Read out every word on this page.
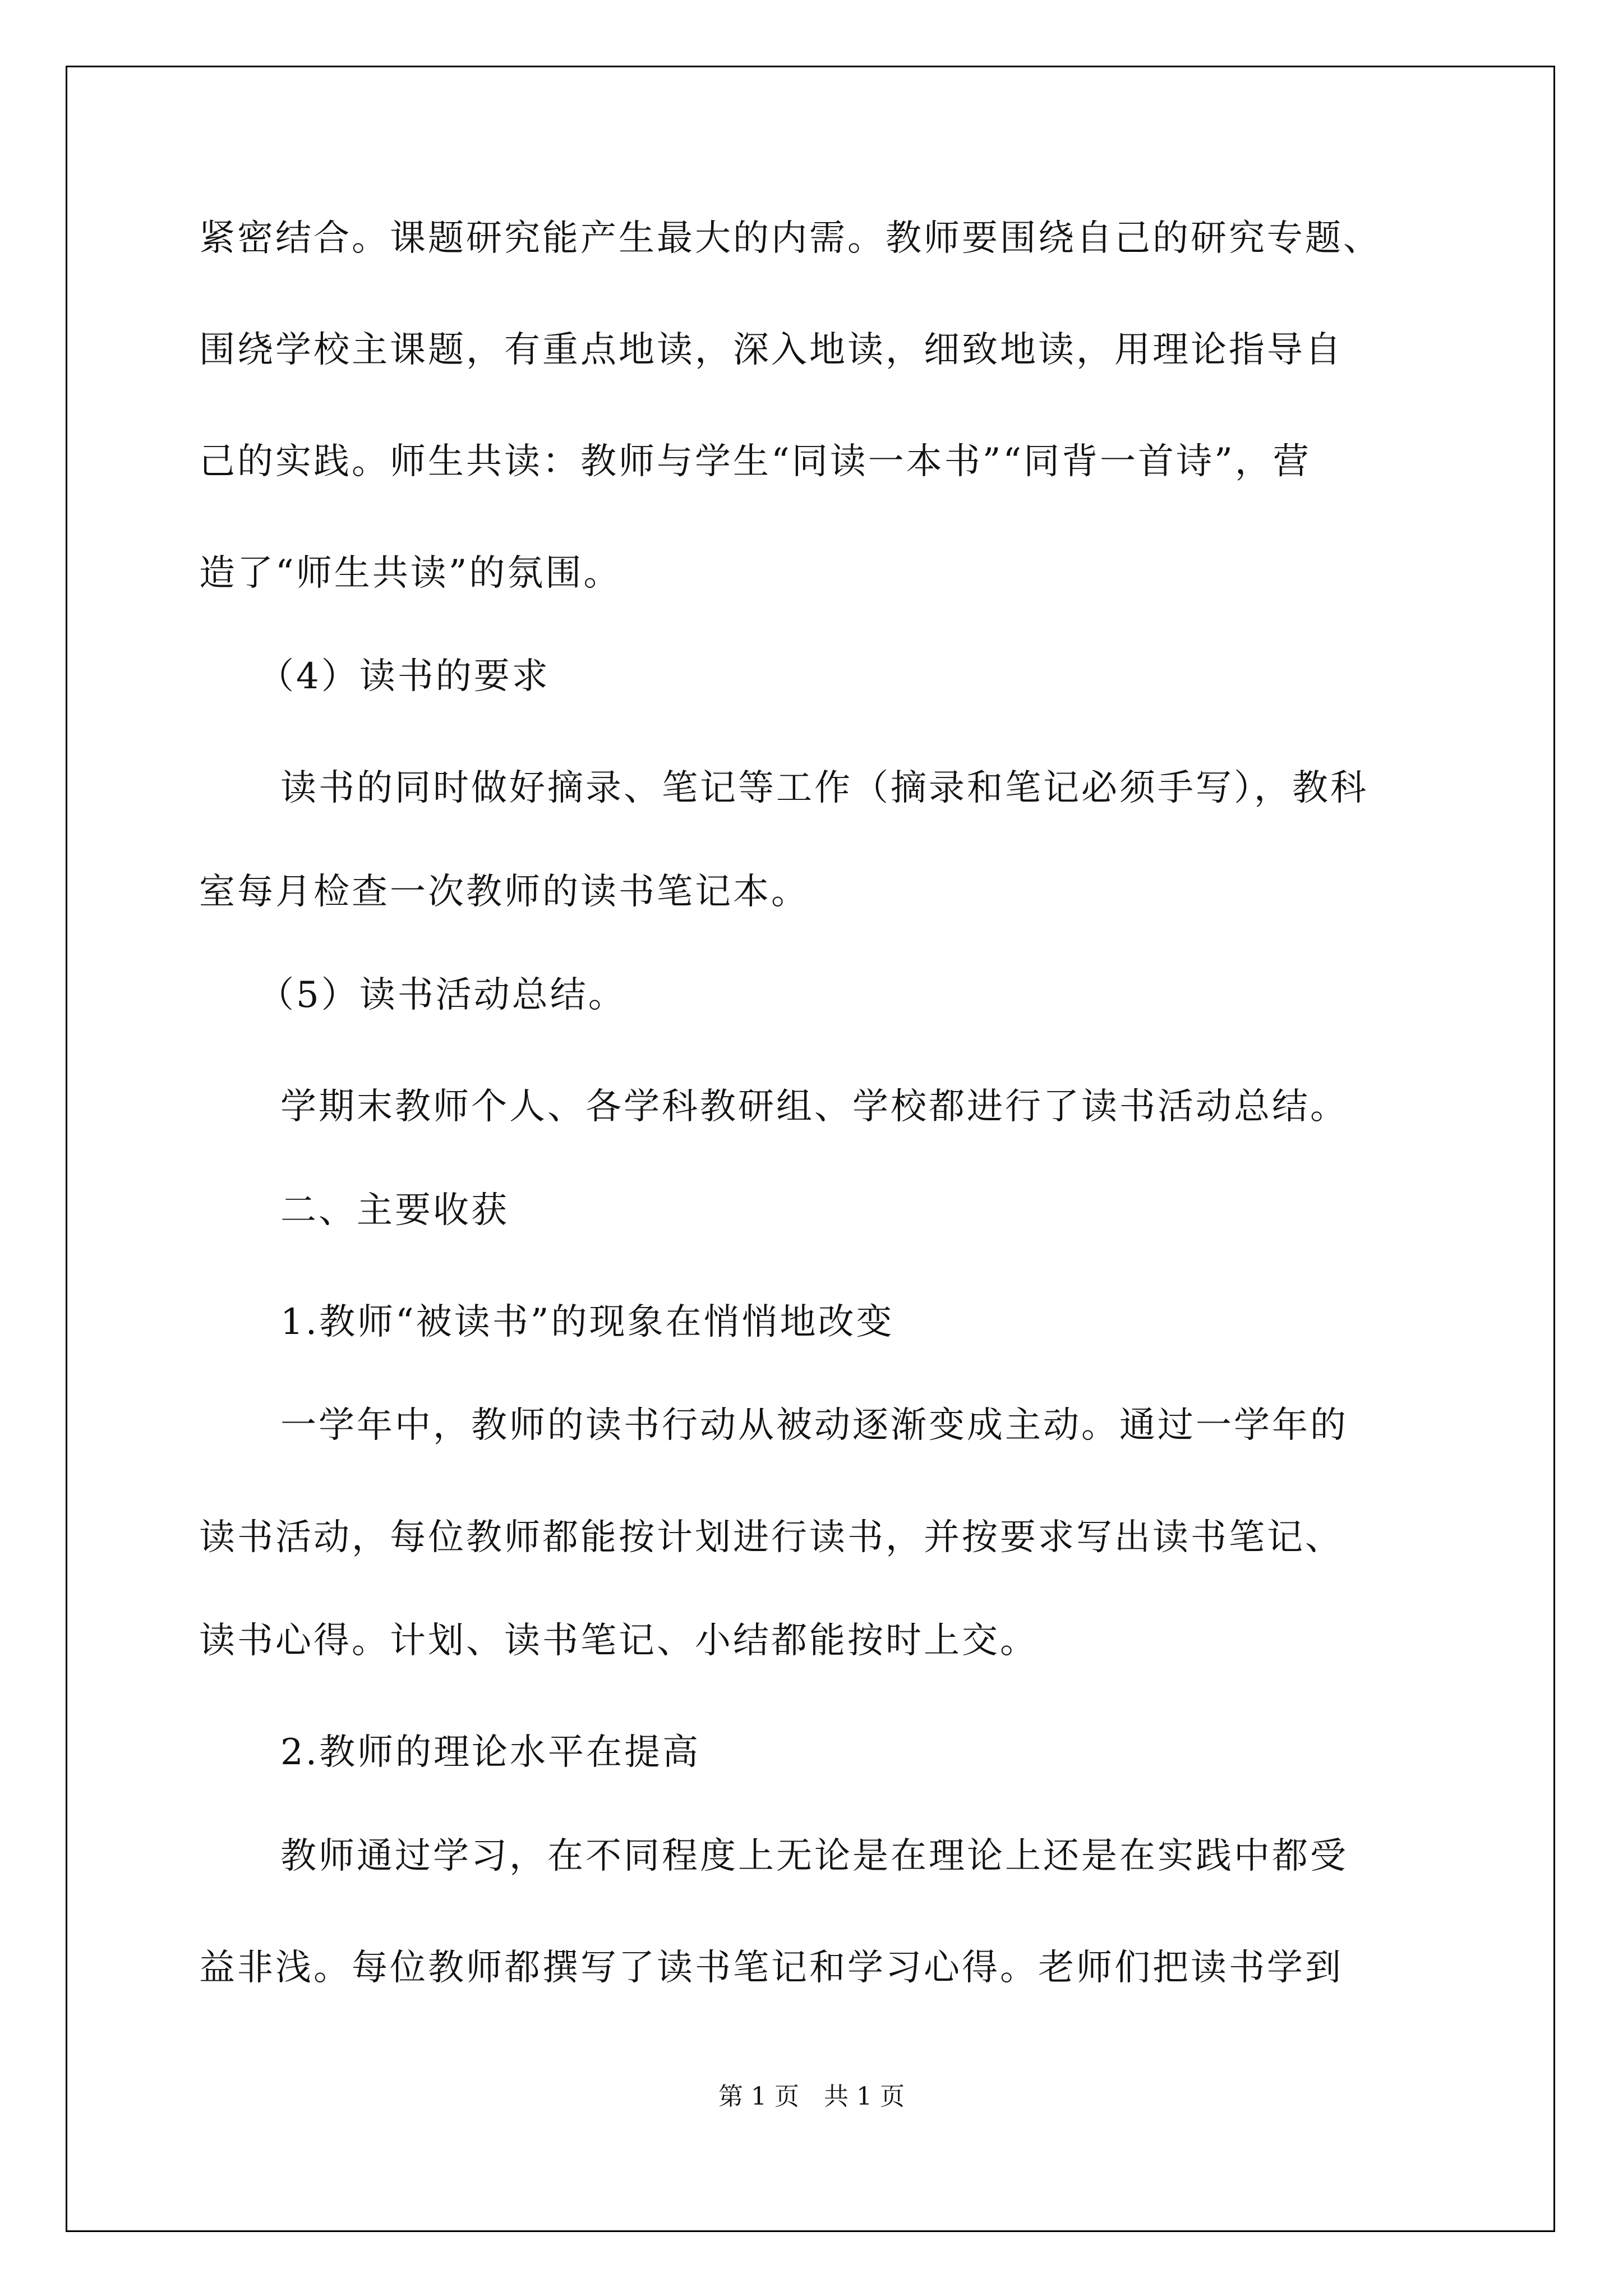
紧密结合。课题研究能产生最大的内需。教师要围绕自己的研究专题、
围绕学校主课题，有重点地读，深入地读，细致地读，用理论指导自
己的实践。师生共读：教师与学生“同读一本书”“同背一首诗”，营
造了“师生共读”的氛围。
（4）读书的要求
读书的同时做好摘录、笔记等工作（摘录和笔记必须手写），教科
室每月检查一次教师的读书笔记本。
（5）读书活动总结。
学期末教师个人、各学科教研组、学校都进行了读书活动总结。
二、主要收获
1.教师“被读书”的现象在悄悄地改变
一学年中，教师的读书行动从被动逐渐变成主动。通过一学年的
读书活动，每位教师都能按计划进行读书，并按要求写出读书笔记、
读书心得。计划、读书笔记、小结都能按时上交。
2.教师的理论水平在提高
教师通过学习，在不同程度上无论是在理论上还是在实践中都受
益非浅。每位教师都撰写了读书笔记和学习心得。老师们把读书学到
第 1 页　共 1 页
